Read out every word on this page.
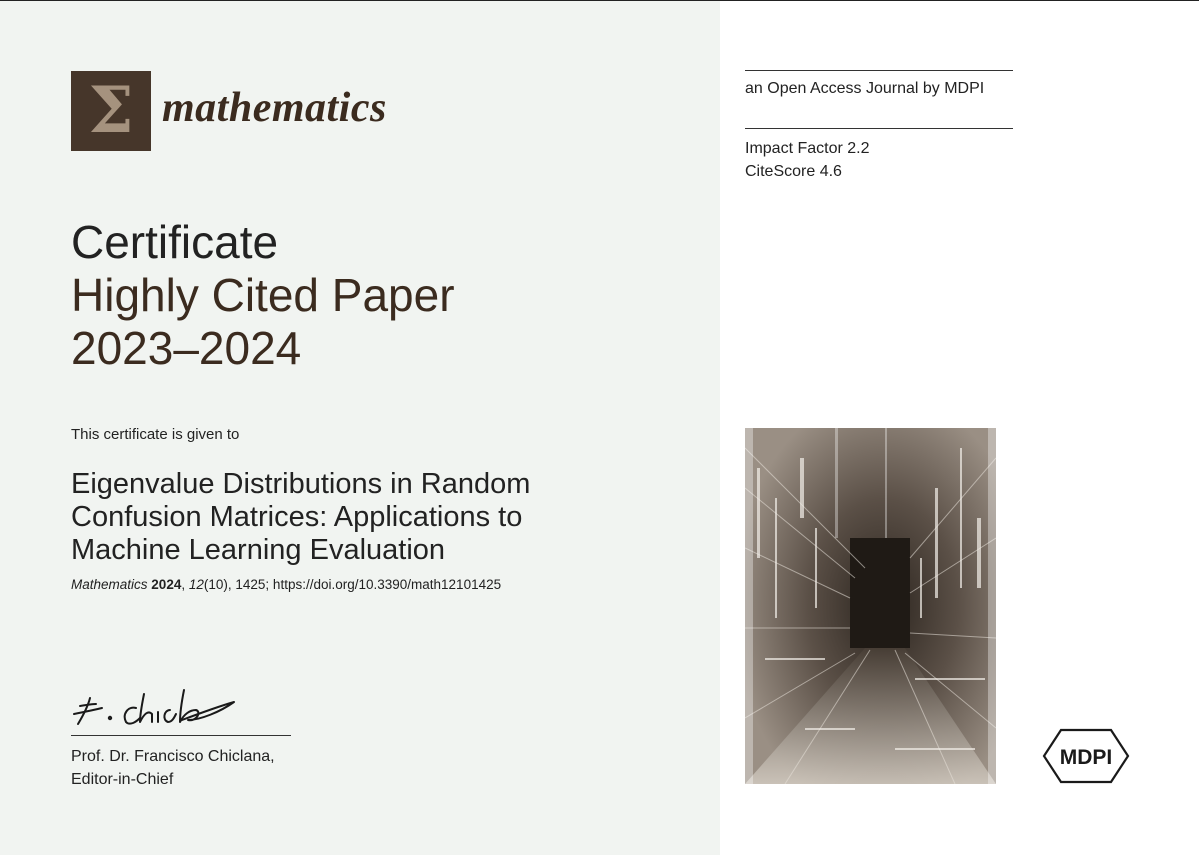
Σ mathematics
Certificate
Highly Cited Paper
2023–2024
This certificate is given to
Eigenvalue Distributions in Random Confusion Matrices: Applications to Machine Learning Evaluation
Mathematics 2024, 12(10), 1425; https://doi.org/10.3390/math12101425
Prof. Dr. Francisco Chiclana,
Editor-in-Chief
an Open Access Journal by MDPI
Impact Factor 2.2
CiteScore 4.6
MDPI
